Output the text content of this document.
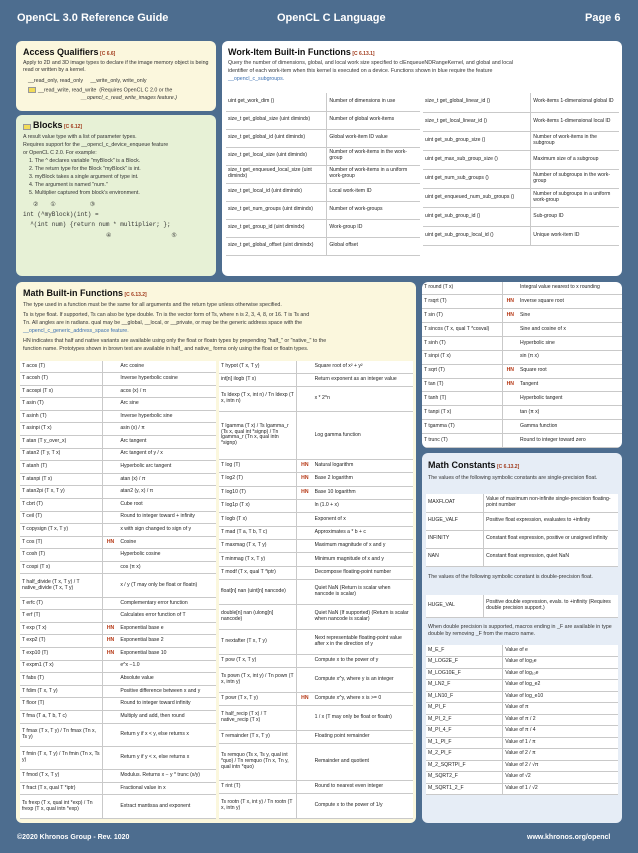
OpenCL 3.0 Reference Guide	OpenCL C Language	Page 6
Access Qualifiers [C 6.6]
Apply to 2D and 3D image types to declare if the image memory object is being read or written by a kernel.
__read_only, read_only     __write_only, write_only
__read_write, read_write  (Requires OpenCL C 2.0 or the
__opencl_c_read_write_images feature.)
Blocks [C 6.12]
A result value type with a list of parameter types.
Requires support for the __opencl_c_device_enqueue feature
or OpenCL C 2.0. For example:
1. The ^ declares variable "myBlock" is a Block.
2. The return type for the Block "myBlock" is int.
3. myBlock takes a single argument of type int.
4. The argument is named "num."
5. Multiplier captured from block's environment.
② ①	③
int (^myBlock)(int) =
^(int num) {return num * multiplier; };
④	⑤
Work-Item Built-in Functions [C 6.13.1]
Query the number of dimensions, global, and local work size specified to clEnqueueNDRangeKernel, and global and local
identifier of each work-item when this kernel is executed on a device. Functions shown in blue require the feature
__opencl_c_subgroups.
uint get_work_dim ()	Number of dimensions in use
size_t get_global_size (uint dimindx)	Number of global work-items
size_t get_global_id (uint dimindx)	Global work-item ID value
size_t get_local_size (uint dimindx)	Number of work-items in the work-group
size_t get_enqueued_local_size (uint dimindx)	Number of work-items in a uniform work-group
size_t get_local_id (uint dimindx)	Local work-item ID
size_t get_num_groups (uint dimindx)	Number of work-groups
size_t get_group_id (uint dimindx)	Work-group ID
size_t get_global_offset (uint dimindx)	Global offset
size_t get_global_linear_id ()	Work-items 1-dimensional global ID
size_t get_local_linear_id ()	Work-items 1-dimensional local ID
uint get_sub_group_size ()	Number of work-items in the subgroup
uint get_max_sub_group_size ()	Maximum size of a subgroup
uint get_num_sub_groups ()	Number of subgroups in the work-group
uint get_enqueued_num_sub_groups ()	Number of subgroups in a uniform work-group
uint get_sub_group_id ()	Sub-group ID
uint get_sub_group_local_id ()	Unique work-item ID
Math Built-in Functions [C 6.13.2]
The type used in a function must be the same for all arguments and the return type unless otherwise specified.
Ts is type float. If supported, Ts can also be type double. Tn is the vector form of Ts, where n is 2, 3, 4, 8, or 16. T is Ts and
Tn. All angles are in radians. qual may be __global, __local, or __private, or may be the generic address space with the
__opencl_c_generic_address_space feature.
HN indicates that half and native variants are available using only the float or floatn types by prepending "half_" or "native_" to the
function name. Prototypes shown in brown text are available in half_ and native_ forms only using the float or floatn types.
T acos (T)		Arc cosine
T acosh (T)		Inverse hyperbolic cosine
T acospi (T x)		acos (x) / π
T asin (T)		Arc sine
T asinh (T)		Inverse hyperbolic sine
T asinpi (T x)		asin (x) / π
T atan (T y_over_x)		Arc tangent
T atan2 (T y, T x)		Arc tangent of y / x
T atanh (T)		Hyperbolic arc tangent
T atanpi (T x)		atan (x) / π
T atan2pi (T x, T y)		atan2 (y, x) / π
T cbrt (T)		Cube root
T ceil (T)		Round to integer toward + infinity
T copysign (T x, T y)		x with sign changed to sign of y
T cos (T)	HN	Cosine
T cosh (T)		Hyperbolic cosine
T cospi (T x)		cos (π x)
T half_divide (T x, T y) / T native_divide (T x, T y)		x / y (T may only be float or floatn)
T erfc (T)		Complementary error function
T erf (T)		Calculates error function of T
T exp (T x)	HN	Exponential base e
T exp2 (T)	HN	Exponential base 2
T exp10 (T)	HN	Exponential base 10
T expm1 (T x)		e^x −1.0
T fabs (T)		Absolute value
T fdim (T x, T y)		Positive difference between x and y
T floor (T)		Round to integer toward infinity
T fma (T a, T b, T c)		Multiply and add, then round
T fmax (T x, T y) / Tn fmax (Tn x, Ts y)		Return y if x < y, else returns x
T fmin (T x, T y) / Tn fmin (Tn x, Ts y)		Return y if y < x, else returns x
T fmod (T x, T y)		Modulus. Returns x − y * trunc (x/y)
T fract (T x, qual T *iptr)		Fractional value in x
Ts frexp (T x, qual int *exp) / Tn frexp (T x, qual intn *exp)		Extract mantissa and exponent
T hypot (T x, T y)		Square root of x² + y²
int[n] ilogb (T x)		Return exponent as an integer value
Ts ldexp (T x, int n) / Tn ldexp (T x, intn n)		x * 2^n
T lgamma (T x) / Ts lgamma_r (Ts x, qual int *signp) / Tn lgamma_r (Tn x, qual intn *signp)		Log gamma function
T log (T)	HN	Natural logarithm
T log2 (T)	HN	Base 2 logarithm
T log10 (T)	HN	Base 10 logarithm
T log1p (T x)		ln (1.0 + x)
T logb (T x)		Exponent of x
T mad (T a, T b, T c)		Approximates a * b + c
T maxmag (T x, T y)		Maximum magnitude of x and y
T minmag (T x, T y)		Minimum magnitude of x and y
T modf (T x, qual T *iptr)		Decompose floating-point number
float[n] nan (uint[n] nancode)		Quiet NaN (Return is scalar when nancode is scalar)
double[n] nan (ulong[n] nancode)		Quiet NaN (If supported) (Return is scalar when nancode is scalar)
T nextafter (T x, T y)		Next representable floating-point value after x in the direction of y
T pow (T x, T y)		Compute x to the power of y
Ts pown (T x, int y) / Tn pown (T x, intn y)		Compute x^y, where y is an integer
T powr (T x, T y)	HN	Compute x^y, where x is >= 0
T half_recip (T x) / T native_recip (T x)		1 / x (T may only be float or floatn)
T remainder (T x, T y)		Floating point remainder
Ts remquo (Ts x, Ts y, qual int *quo) / Tn remquo (Tn x, Tn y, qual intn *quo)		Remainder and quotient
T rint (T)		Round to nearest even integer
Ts rootn (T x, int y) / Tn rootn (T x, intn y)		Compute x to the power of 1/y
T round (T x)		Integral value nearest to x rounding
T rsqrt (T)	HN	Inverse square root
T sin (T)	HN	Sine
T sincos (T x, qual T *cosval)		Sine and cosine of x
T sinh (T)		Hyperbolic sine
T sinpi (T x)		sin (π x)
T sqrt (T)	HN	Square root
T tan (T)	HN	Tangent
T tanh (T)		Hyperbolic tangent
T tanpi (T x)		tan (π x)
T tgamma (T)		Gamma function
T trunc (T)		Round to integer toward zero
Math Constants [C 6.13.2]
The values of the following symbolic constants are single-precision float.
MAXFLOAT	Value of maximum non-infinite single-precision floating-point number
HUGE_VALF	Positive float expression, evaluates to +infinity
INFINITY	Constant float expression, positive or unsigned infinity
NAN	Constant float expression, quiet NaN
The values of the following symbolic constant is double-precision float.
HUGE_VAL	Positive double expression, evals. to +infinity (Requires double precision support.)
When double precision is supported, macros ending in _F are available in type double by removing _F from the macro name.
M_E_F	Value of e
M_LOG2E_F	Value of log₂e
M_LOG10E_F	Value of log₁₀e
M_LN2_F	Value of log_e2
M_LN10_F	Value of log_e10
M_PI_F	Value of π
M_PI_2_F	Value of π / 2
M_PI_4_F	Value of π / 4
M_1_PI_F	Value of 1 / π
M_2_PI_F	Value of 2 / π
M_2_SQRTPI_F	Value of 2 / √π
M_SQRT2_F	Value of √2
M_SQRT1_2_F	Value of 1 / √2
©2020 Khronos Group - Rev. 1020	www.khronos.org/opencl
